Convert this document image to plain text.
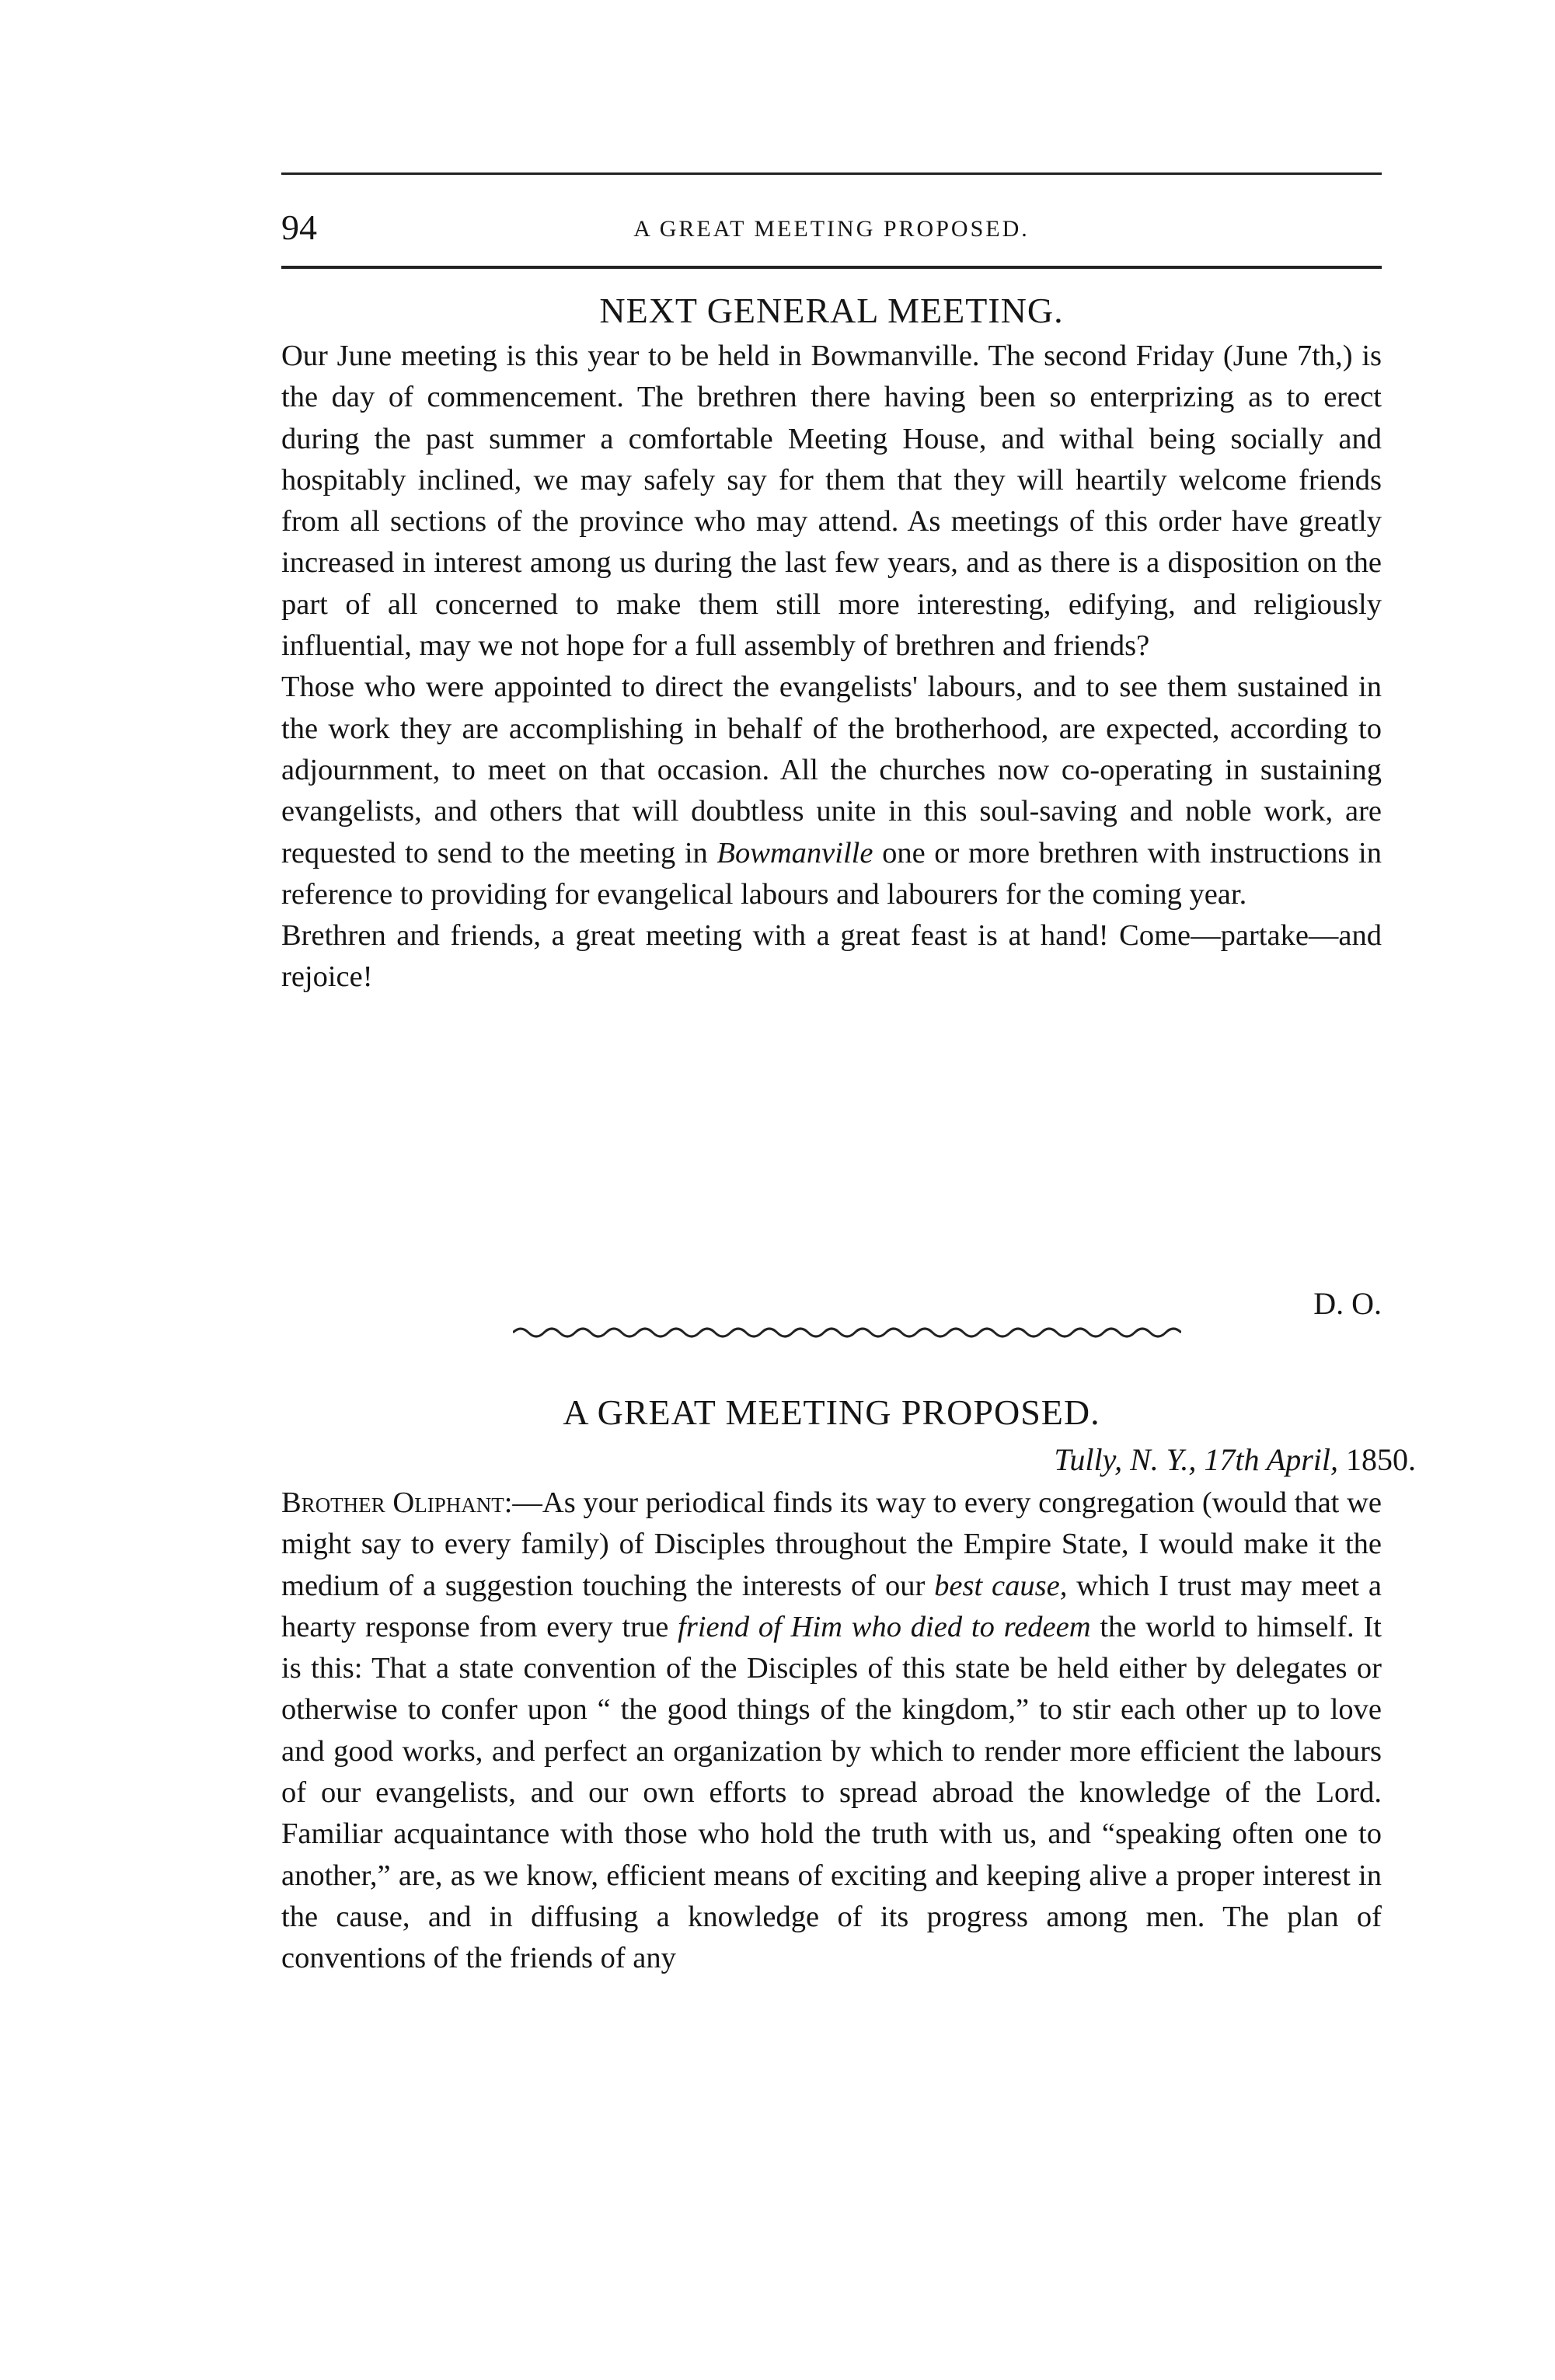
94	A GREAT MEETING PROPOSED.
NEXT GENERAL MEETING.

Our June meeting is this year to be held in Bowmanville. The second Friday (June 7th,) is the day of commencement. The brethren there having been so enterprizing as to erect during the past summer a comfortable Meeting House, and withal being socially and hospitably inclined, we may safely say for them that they will heartily welcome friends from all sections of the province who may attend. As meetings of this order have greatly increased in interest among us during the last few years, and as there is a disposition on the part of all concerned to make them still more interesting, edifying, and religiously influential, may we not hope for a full assembly of brethren and friends?

Those who were appointed to direct the evangelists' labours, and to see them sustained in the work they are accomplishing in behalf of the brotherhood, are expected, according to adjournment, to meet on that occasion. All the churches now co-operating in sustaining evangelists, and others that will doubtless unite in this soul-saving and noble work, are requested to send to the meeting in Bowmanville one or more brethren with instructions in reference to providing for evangelical labours and labourers for the coming year.

Brethren and friends, a great meeting with a great feast is at hand! Come—partake—and rejoice!

D. O.
A GREAT MEETING PROPOSED.
Tully, N. Y., 17th April, 1850.

Brother Oliphant:—As your periodical finds its way to every congregation (would that we might say to every family) of Disciples throughout the Empire State, I would make it the medium of a suggestion touching the interests of our best cause, which I trust may meet a hearty response from every true friend of Him who died to redeem the world to himself. It is this: That a state convention of the Disciples of this state be held either by delegates or otherwise to confer upon “ the good things of the kingdom,” to stir each other up to love and good works, and perfect an organization by which to render more efficient the labours of our evangelists, and our own efforts to spread abroad the knowledge of the Lord. Familiar acquaintance with those who hold the truth with us, and “speaking often one to another,” are, as we know, efficient means of exciting and keeping alive a proper interest in the cause, and in diffusing a knowledge of its progress among men. The plan of conventions of the friends of any
